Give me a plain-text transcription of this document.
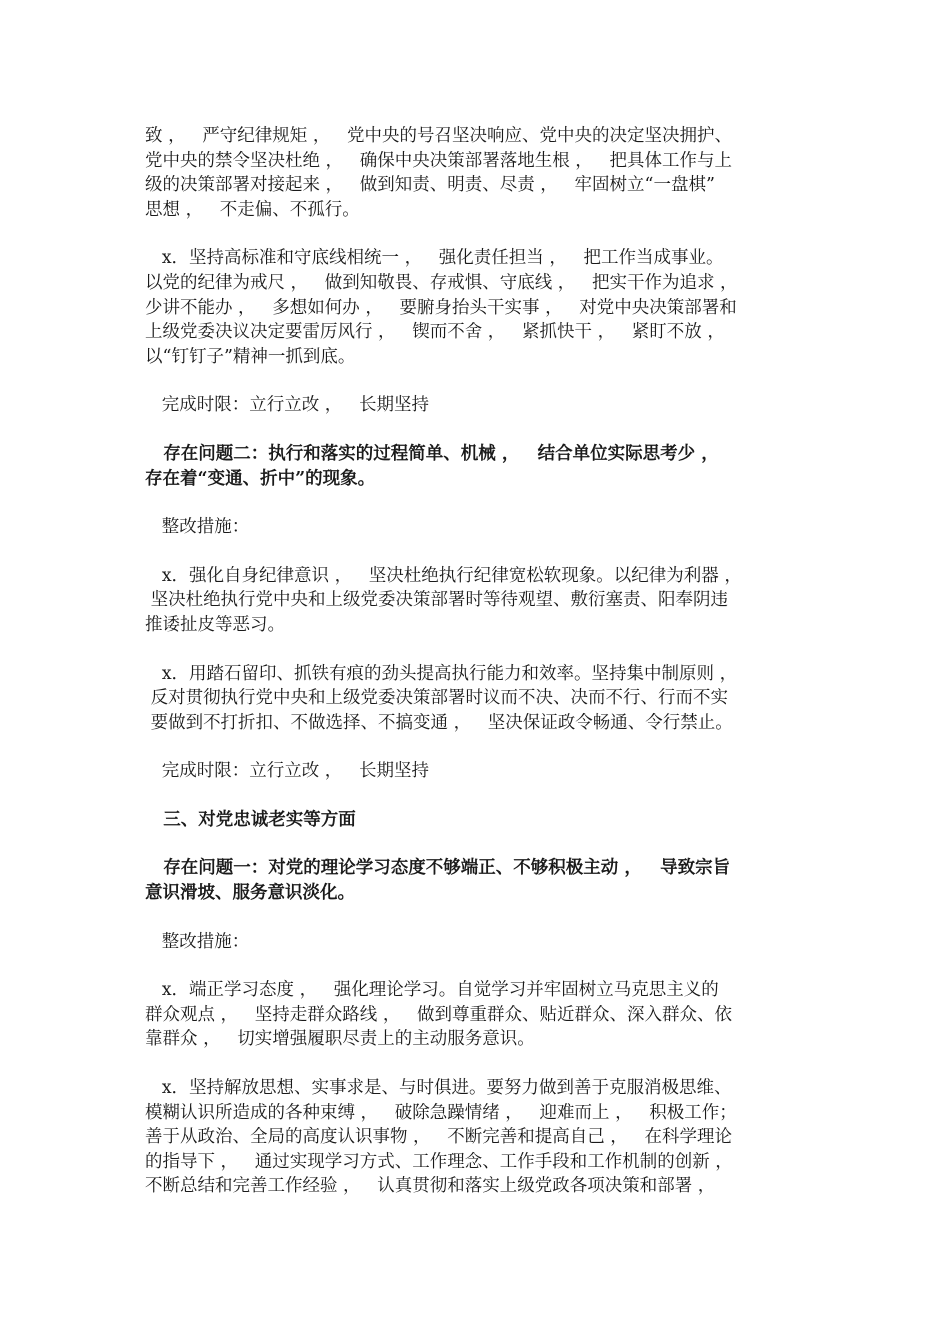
致 ，   严守纪律规矩 ，   党中央的号召坚决响应、党中央的决定坚决拥护、
党中央的禁令坚决杜绝 ，   确保中央决策部署落地生根 ，   把具体工作与上
级的决策部署对接起来 ，   做到知责、明责、尽责 ，   牢固树立“一盘棋”
思想 ，   不走偏、不孤行。
x．坚持高标准和守底线相统一 ，   强化责任担当 ，   把工作当成事业。
以党的纪律为戒尺 ，   做到知敬畏、存戒惧、守底线 ，   把实干作为追求 ，
少讲不能办 ，   多想如何办 ，   要腑身抬头干实事 ，   对党中央决策部署和
上级党委决议决定要雷厉风行 ，   锲而不舍 ，   紧抓快干 ，   紧盯不放 ，
以“钉钉子”精神一抓到底。
完成时限：立行立改 ，   长期坚持
存在问题二：执行和落实的过程简单、机械 ，   结合单位实际思考少 ，
存在着“变通、折中”的现象。
整改措施：
x．强化自身纪律意识 ，   坚决杜绝执行纪律宽松软现象。以纪律为利器 ，
坚决杜绝执行党中央和上级党委决策部署时等待观望、敷衍塞责、阳奉阴违
推诿扯皮等恶习。
x．用踏石留印、抓铁有痕的劲头提高执行能力和效率。坚持集中制原则 ，
反对贯彻执行党中央和上级党委决策部署时议而不决、决而不行、行而不实
要做到不打折扣、不做选择、不搞变通 ，   坚决保证政令畅通、令行禁止。
完成时限：立行立改 ，   长期坚持
三、对党忠诚老实等方面
存在问题一：对党的理论学习态度不够端正、不够积极主动 ，   导致宗旨
意识滑坡、服务意识淡化。
整改措施：
x．端正学习态度 ，   强化理论学习。自觉学习并牢固树立马克思主义的
群众观点 ，   坚持走群众路线 ，   做到尊重群众、贴近群众、深入群众、依
靠群众 ，   切实增强履职尽责上的主动服务意识。
x．坚持解放思想、实事求是、与时俱进。要努力做到善于克服消极思维、
模糊认识所造成的各种束缚 ，   破除急躁情绪 ，   迎难而上 ，   积极工作；
善于从政治、全局的高度认识事物 ，   不断完善和提高自己 ，   在科学理论
的指导下 ，   通过实现学习方式、工作理念、工作手段和工作机制的创新 ，
不断总结和完善工作经验 ，   认真贯彻和落实上级党政各项决策和部署 ，
